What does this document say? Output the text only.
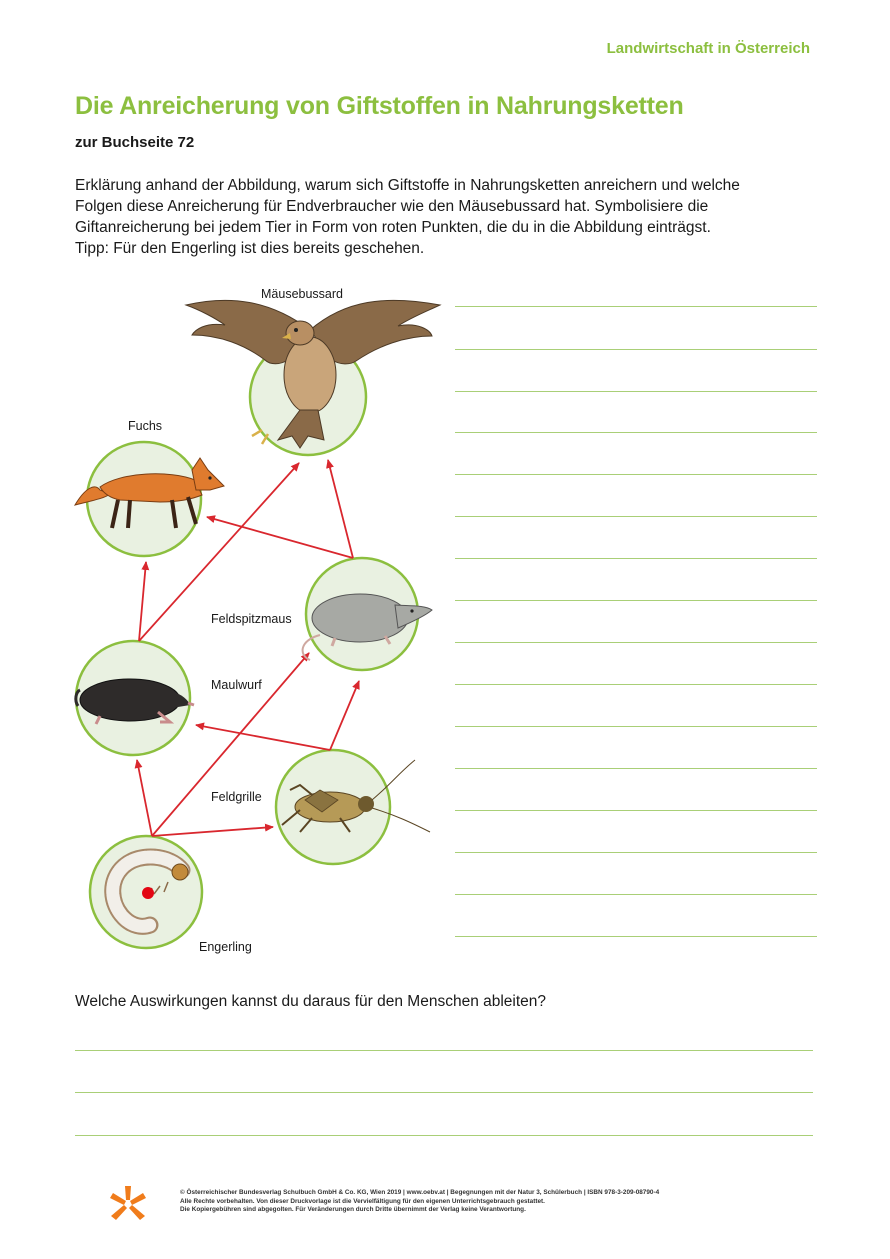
Landwirtschaft in Österreich
Die Anreicherung von Giftstoffen in Nahrungsketten
zur Buchseite 72
Erklärung anhand der Abbildung, warum sich Giftstoffe in Nahrungsketten anreichern und welche
Folgen diese Anreicherung für Endverbraucher wie den Mäusebussard hat. Symbolisiere die
Giftanreicherung bei jedem Tier in Form von roten Punkten, die du in die Abbildung einträgst.
Tipp: Für den Engerling ist dies bereits geschehen.
Mäusebussard
Fuchs
Feldspitzmaus
Maulwurf
Feldgrille
Engerling
Welche Auswirkungen kannst du daraus für den Menschen ableiten?
© Österreichischer Bundesverlag Schulbuch GmbH & Co. KG, Wien 2019 | www.oebv.at | Begegnungen mit der Natur 3, Schülerbuch | ISBN 978-3-209-08790-4
Alle Rechte vorbehalten. Von dieser Druckvorlage ist die Vervielfältigung für den eigenen Unterrichtsgebrauch gestattet.
Die Kopiergebühren sind abgegolten. Für Veränderungen durch Dritte übernimmt der Verlag keine Verantwortung.
